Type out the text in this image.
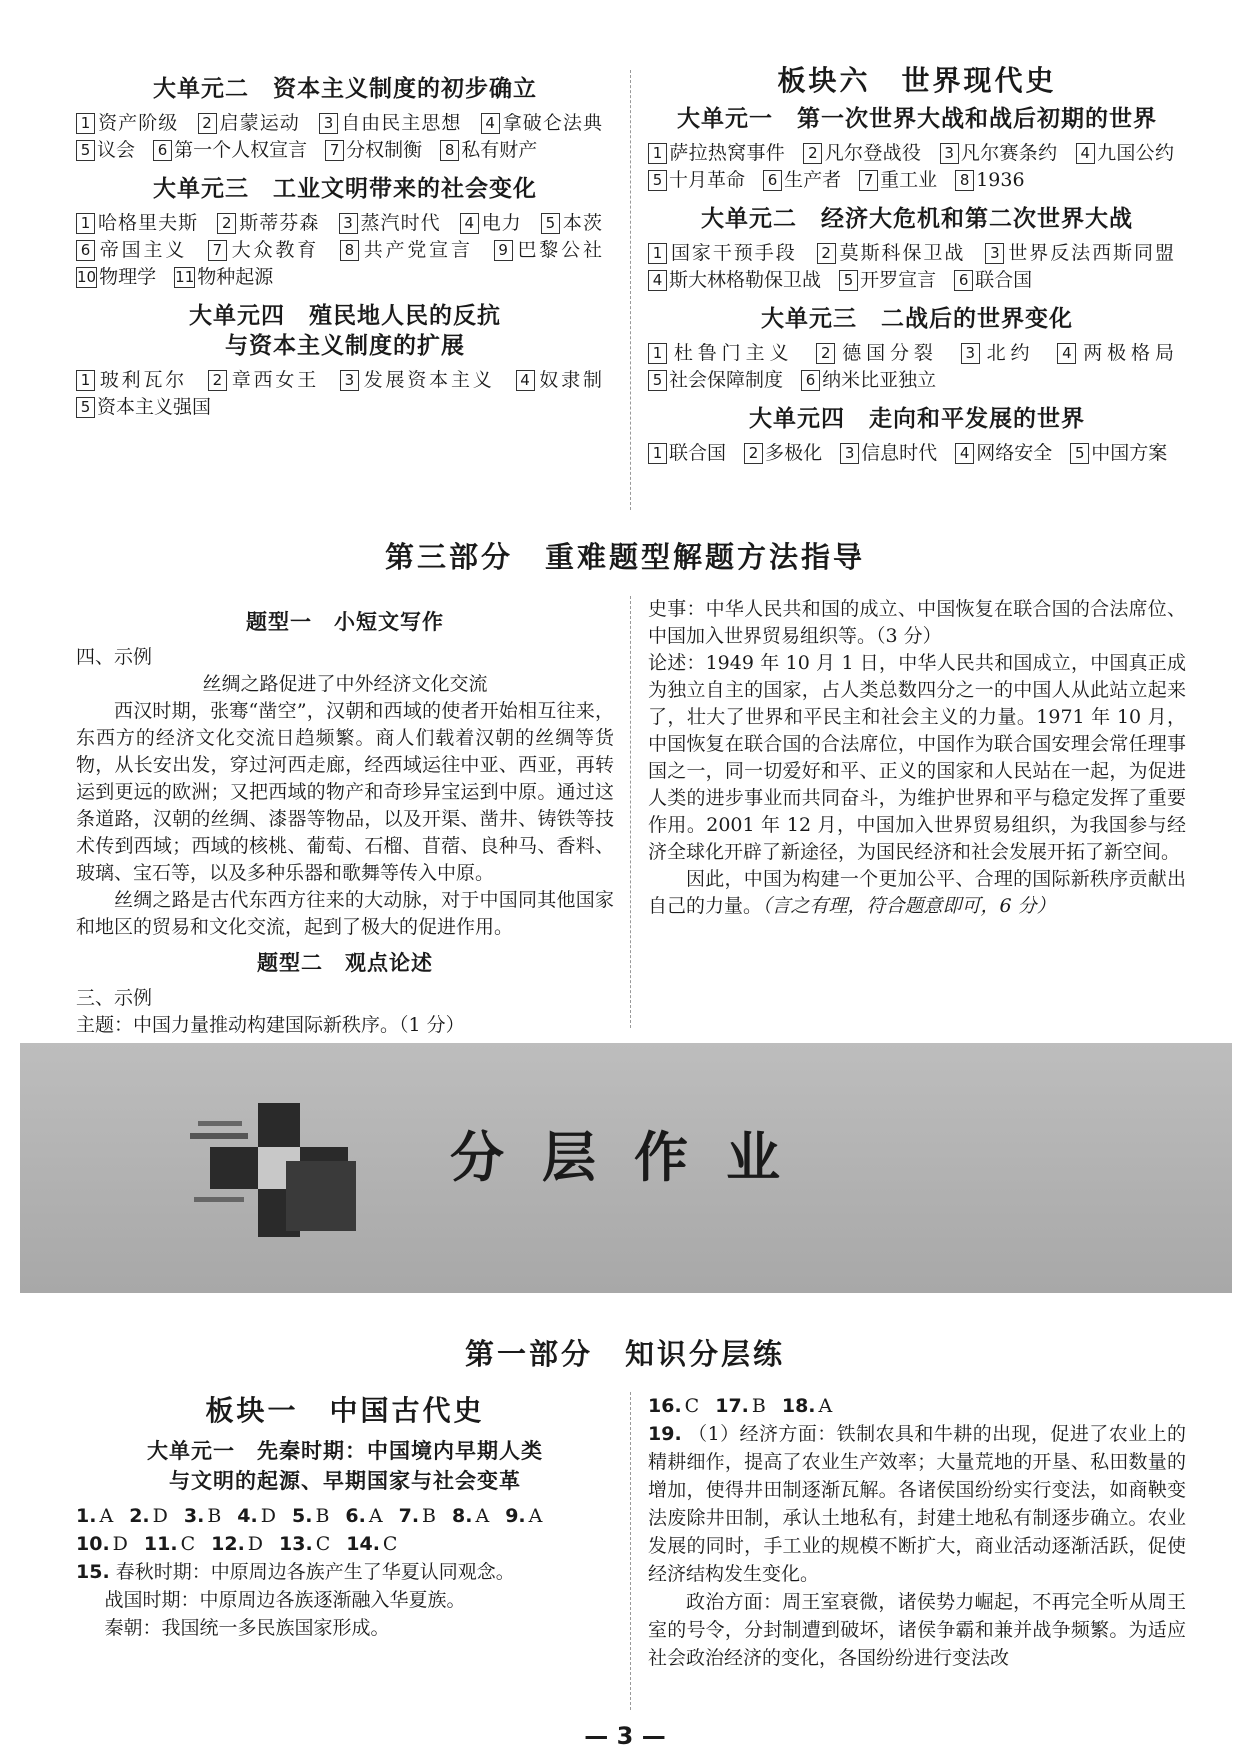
大单元二　资本主义制度的初步确立
1 资产阶级 2 启蒙运动 3 自由民主思想 4 拿破仑法典 5 议会 6 第一个人权宣言 7 分权制衡 8 私有财产
大单元三　工业文明带来的社会变化
1 哈格里夫斯 2 斯蒂芬森 3 蒸汽时代 4 电力 5 本茨 6 帝国主义 7 大众教育 8 共产党宣言 9 巴黎公社 10 物理学 11 物种起源
大单元四　殖民地人民的反抗
与资本主义制度的扩展
1 玻利瓦尔 2 章西女王 3 发展资本主义 4 奴隶制 5 资本主义强国
板块六　世界现代史
大单元一　第一次世界大战和战后初期的世界
1 萨拉热窝事件 2 凡尔登战役 3 凡尔赛条约 4 九国公约 5 十月革命 6 生产者 7 重工业 8 1936
大单元二　经济大危机和第二次世界大战
1 国家干预手段 2 莫斯科保卫战 3 世界反法西斯同盟 4 斯大林格勒保卫战 5 开罗宣言 6 联合国
大单元三　二战后的世界变化
1 杜鲁门主义 2 德国分裂 3 北约 4 两极格局 5 社会保障制度 6 纳米比亚独立
大单元四　走向和平发展的世界
1 联合国 2 多极化 3 信息时代 4 网络安全 5 中国方案
第三部分　重难题型解题方法指导
题型一　小短文写作
四、示例
丝绸之路促进了中外经济文化交流
西汉时期，张骞“凿空”，汉朝和西域的使者开始相互往来，东西方的经济文化交流日趋频繁。商人们载着汉朝的丝绸等货物，从长安出发，穿过河西走廊，经西域运往中亚、西亚，再转运到更远的欧洲；又把西域的物产和奇珍异宝运到中原。通过这条道路，汉朝的丝绸、漆器等物品，以及开渠、凿井、铸铁等技术传到西域；西域的核桃、葡萄、石榴、苜蓿、良种马、香料、玻璃、宝石等，以及多种乐器和歌舞等传入中原。
丝绸之路是古代东西方往来的大动脉，对于中国同其他国家和地区的贸易和文化交流，起到了极大的促进作用。
题型二　观点论述
三、示例
主题：中国力量推动构建国际新秩序。（1 分）
史事：中华人民共和国的成立、中国恢复在联合国的合法席位、中国加入世界贸易组织等。（3 分）
论述：1949 年 10 月 1 日，中华人民共和国成立，中国真正成为独立自主的国家，占人类总数四分之一的中国人从此站立起来了，壮大了世界和平民主和社会主义的力量。1971 年 10 月，中国恢复在联合国的合法席位，中国作为联合国安理会常任理事国之一，同一切爱好和平、正义的国家和人民站在一起，为促进人类的进步事业而共同奋斗，为维护世界和平与稳定发挥了重要作用。2001 年 12 月，中国加入世界贸易组织，为我国参与经济全球化开辟了新途径，为国民经济和社会发展开拓了新空间。
因此，中国为构建一个更加公平、合理的国际新秩序贡献出自己的力量。（言之有理，符合题意即可，6 分）
分层作业
第一部分　知识分层练
板块一　中国古代史
大单元一　先秦时期：中国境内早期人类
与文明的起源、早期国家与社会变革
1. A 2. D 3. B 4. D 5. B 6. A 7. B 8. A 9. A
10. D 11. C 12. D 13. C 14. C
15. 春秋时期：中原周边各族产生了华夏认同观念。
战国时期：中原周边各族逐渐融入华夏族。
秦朝：我国统一多民族国家形成。
16. C 17. B 18. A
19. （1）经济方面：铁制农具和牛耕的出现，促进了农业上的精耕细作，提高了农业生产效率；大量荒地的开垦、私田数量的增加，使得井田制逐渐瓦解。各诸侯国纷纷实行变法，如商鞅变法废除井田制，承认土地私有，封建土地私有制逐步确立。农业发展的同时，手工业的规模不断扩大，商业活动逐渐活跃，促使经济结构发生变化。
政治方面：周王室衰微，诸侯势力崛起，不再完全听从周王室的号令，分封制遭到破坏，诸侯争霸和兼并战争频繁。为适应社会政治经济的变化，各国纷纷进行变法改
— 3 —
